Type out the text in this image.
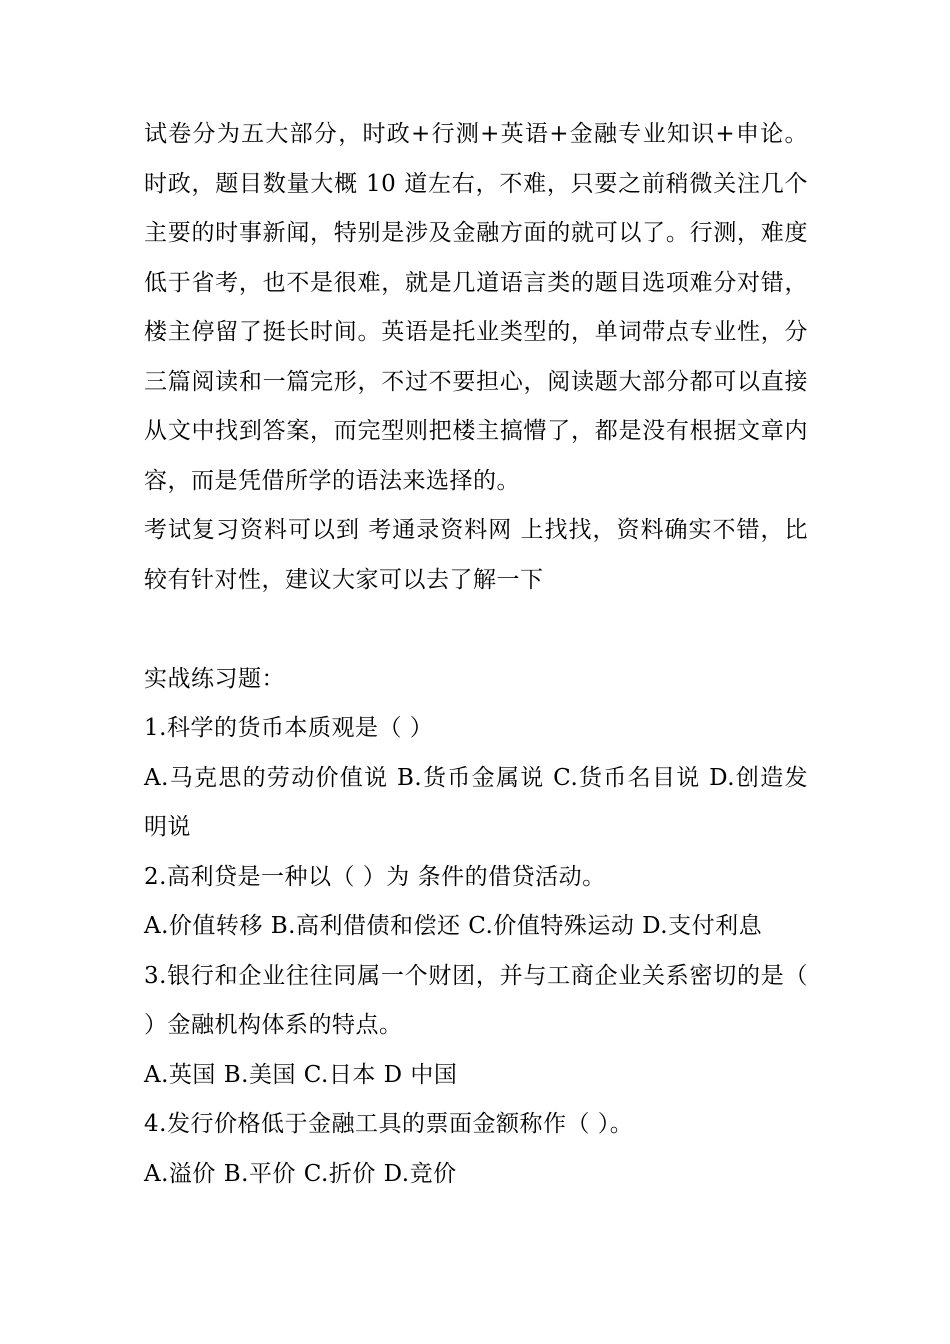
试卷分为五大部分，时政+行测+英语+金融专业知识+申论。时政，题目数量大概 10 道左右，不难，只要之前稍微关注几个主要的时事新闻，特别是涉及金融方面的就可以了。行测，难度低于省考，也不是很难，就是几道语言类的题目选项难分对错，楼主停留了挺长时间。英语是托业类型的，单词带点专业性，分三篇阅读和一篇完形，不过不要担心，阅读题大部分都可以直接从文中找到答案，而完型则把楼主搞懵了，都是没有根据文章内容，而是凭借所学的语法来选择的。

考试复习资料可以到 考通录资料网 上找找，资料确实不错，比较有针对性，建议大家可以去了解一下

实战练习题：

1.科学的货币本质观是（ ）

A.马克思的劳动价值说 B.货币金属说 C.货币名目说 D.创造发明说

2.高利贷是一种以（ ）为 条件的借贷活动。

A.价值转移 B.高利借债和偿还 C.价值特殊运动 D.支付利息

3.银行和企业往往同属一个财团，并与工商企业关系密切的是（ ）金融机构体系的特点。

A.英国 B.美国 C.日本 D 中国

4.发行价格低于金融工具的票面金额称作（ ）。

A.溢价 B.平价 C.折价 D.竞价
